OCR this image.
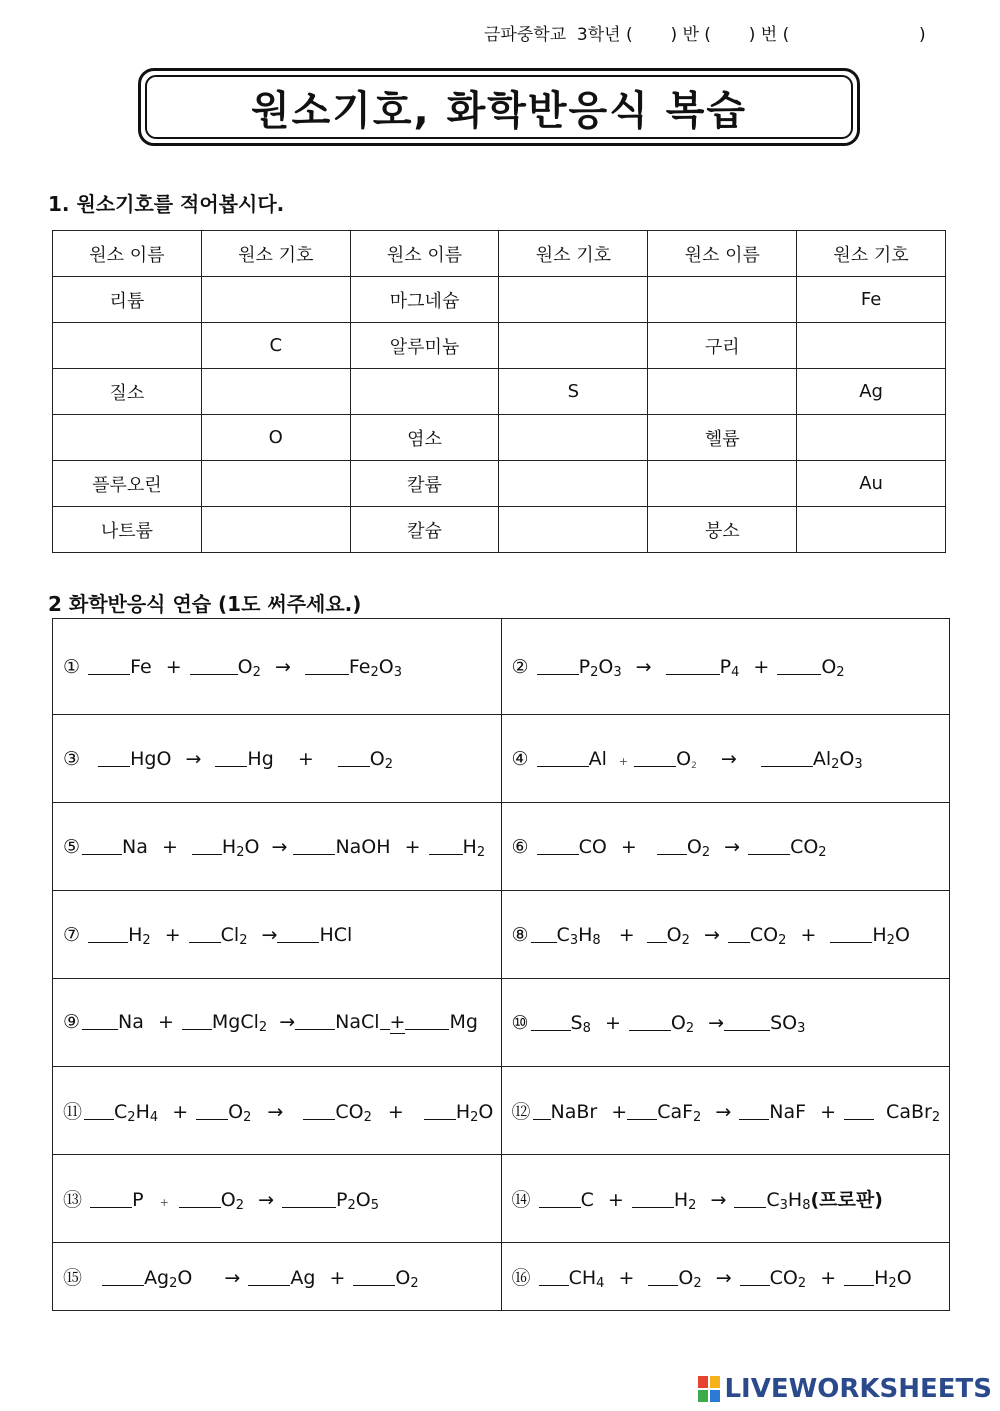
금파중학교  3학년 (       ) 반 (       ) 번 (                        )
원소기호, 화학반응식 복습
1. 원소기호를 적어봅시다.
원소 이름	원소 기호	원소 이름	원소 기호	원소 이름	원소 기호
리튬		마그네슘			Fe
	C	알루미늄		구리	
질소			S		Ag
	O	염소		헬륨	
플루오린		칼륨			Au
나트륨		칼슘		붕소	
2 화학반응식 연습 (1도 써주세요.)
① $Fe + O_2 \to Fe_2O_3$	② $P_2O_3 \to P_4 + O_2$
③ HgO → $Hg + O_2$	④ $Al + O_2 \to Al_2O_3$
⑤ $Na + H_2O$ → NaOH + $H_2$	⑥ CO + $O_2 \to CO_2$
⑦ $H_2 + Cl_2$ → HCl	⑧ $C_3H_8 + O_2 \to CO_2 + H_2O$
⑨ Na + MgCl$_2$ → NaCl + Mg	⑩ $S_8 + O_2 \to SO_3$
⑪ $C_2H_4 + O_2 \to CO_2 + H_2O$	⑫ NaBr + CaF$_2$ → NaF + CaBr$_2$
⑬ $P + O_2 \to P_2O_5$	⑭ $C + H_2 \to C_3H_8$(프로판)
⑮ $Ag_2O \to Ag + O_2$	⑯ $CH_4 + O_2 \to CO_2 + H_2O$
LIVEWORKSHEETS
